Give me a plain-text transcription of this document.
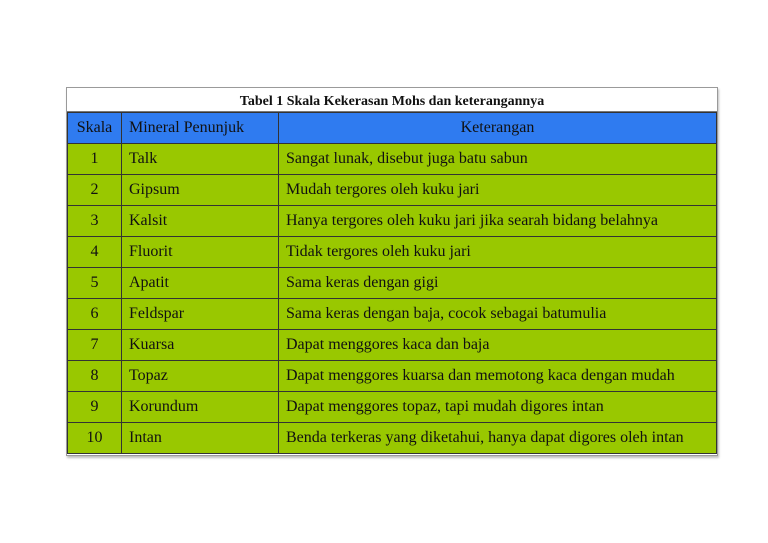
Tabel 1 Skala Kekerasan Mohs dan keterangannya
Skala	Mineral Penunjuk	Keterangan
1	Talk	Sangat lunak, disebut juga batu sabun
2	Gipsum	Mudah tergores oleh kuku jari
3	Kalsit	Hanya tergores oleh kuku jari jika searah bidang belahnya
4	Fluorit	Tidak tergores oleh kuku jari
5	Apatit	Sama keras dengan gigi
6	Feldspar	Sama keras dengan baja, cocok sebagai batumulia
7	Kuarsa	Dapat menggores kaca dan baja
8	Topaz	Dapat menggores kuarsa dan memotong kaca dengan mudah
9	Korundum	Dapat menggores topaz, tapi mudah digores intan
10	Intan	Benda terkeras yang diketahui, hanya dapat digores oleh intan
